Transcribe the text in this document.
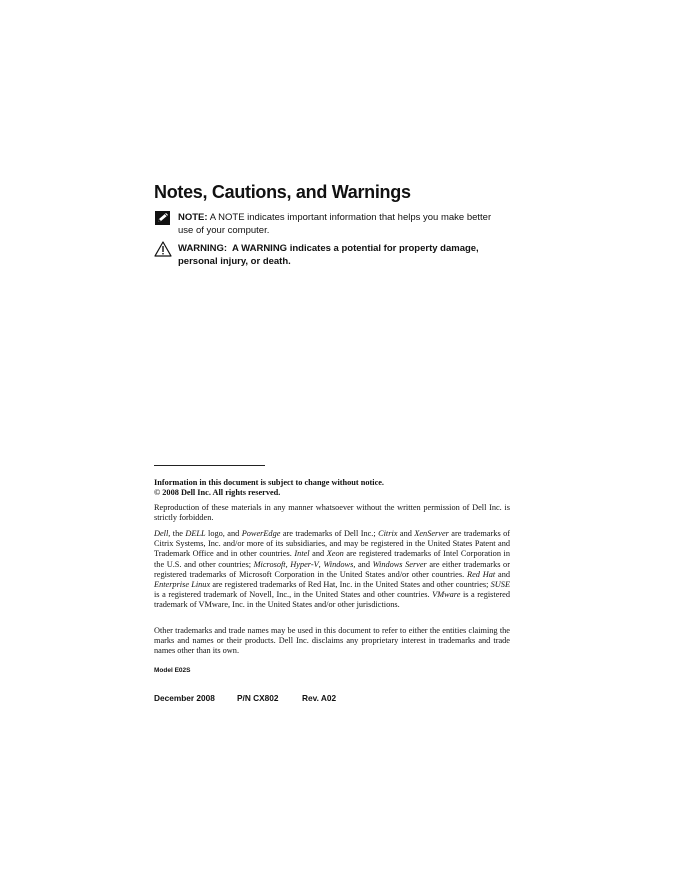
Notes, Cautions, and Warnings
NOTE: A NOTE indicates important information that helps you make better use of your computer.
WARNING: A WARNING indicates a potential for property damage, personal injury, or death.
Information in this document is subject to change without notice.
© 2008 Dell Inc. All rights reserved.
Reproduction of these materials in any manner whatsoever without the written permission of Dell Inc. is strictly forbidden.
Dell, the DELL logo, and PowerEdge are trademarks of Dell Inc.; Citrix and XenServer are trademarks of Citrix Systems, Inc. and/or more of its subsidiaries, and may be registered in the United States Patent and Trademark Office and in other countries. Intel and Xeon are registered trademarks of Intel Corporation in the U.S. and other countries; Microsoft, Hyper-V, Windows, and Windows Server are either trademarks or registered trademarks of Microsoft Corporation in the United States and/or other countries. Red Hat and Enterprise Linux are registered trademarks of Red Hat, Inc. in the United States and other countries; SUSE is a registered trademark of Novell, Inc., in the United States and other countries. VMware is a registered trademark of VMware, Inc. in the United States and/or other jurisdictions.
Other trademarks and trade names may be used in this document to refer to either the entities claiming the marks and names or their products. Dell Inc. disclaims any proprietary interest in trademarks and trade names other than its own.
Model E02S
December 2008	P/N CX802	Rev. A02
